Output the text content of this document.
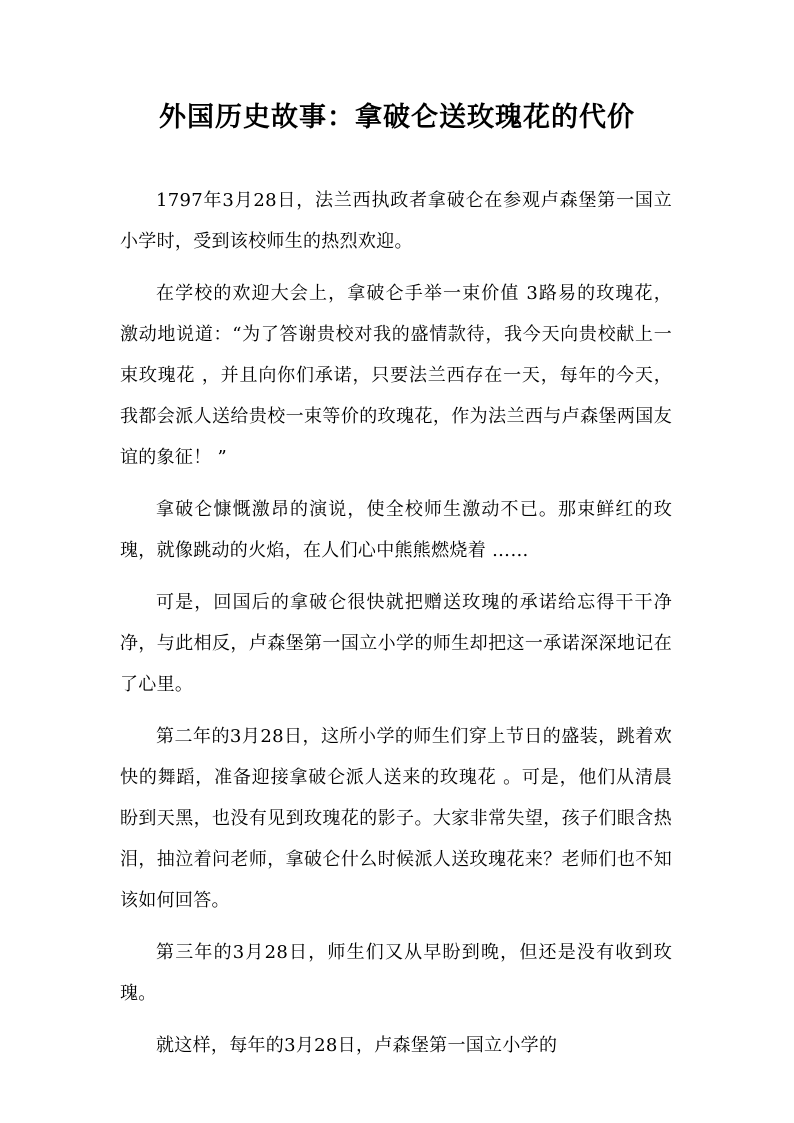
外国历史故事：拿破仑送玫瑰花的代价

1797年3月28日，法兰西执政者拿破仑在参观卢森堡第一国立小学时，受到该校师生的热烈欢迎。

在学校的欢迎大会上，拿破仑手举一束价值 3路易的玫瑰花， 激动地说道：“为了答谢贵校对我的盛情款待，我今天向贵校献上一束玫瑰花 ，并且向你们承诺，只要法兰西存在一天，每年的今天，我都会派人送给贵校一束等价的玫瑰花，作为法兰西与卢森堡两国友谊的象征！ ”

拿破仑慷慨激昂的演说，使全校师生激动不已。那束鲜红的玫瑰，就像跳动的火焰，在人们心中熊熊燃烧着 ……

可是，回国后的拿破仑很快就把赠送玫瑰的承诺给忘得干干净净，与此相反，卢森堡第一国立小学的师生却把这一承诺深深地记在了心里。

第二年的3月28日，这所小学的师生们穿上节日的盛装，跳着欢快的舞蹈，准备迎接拿破仑派人送来的玫瑰花 。可是，他们从清晨盼到天黑，也没有见到玫瑰花的影子。大家非常失望，孩子们眼含热泪，抽泣着问老师，拿破仑什么时候派人送玫瑰花来？老师们也不知该如何回答。

第三年的3月28日，师生们又从早盼到晚，但还是没有收到玫瑰。

就这样，每年的3月28日，卢森堡第一国立小学的
